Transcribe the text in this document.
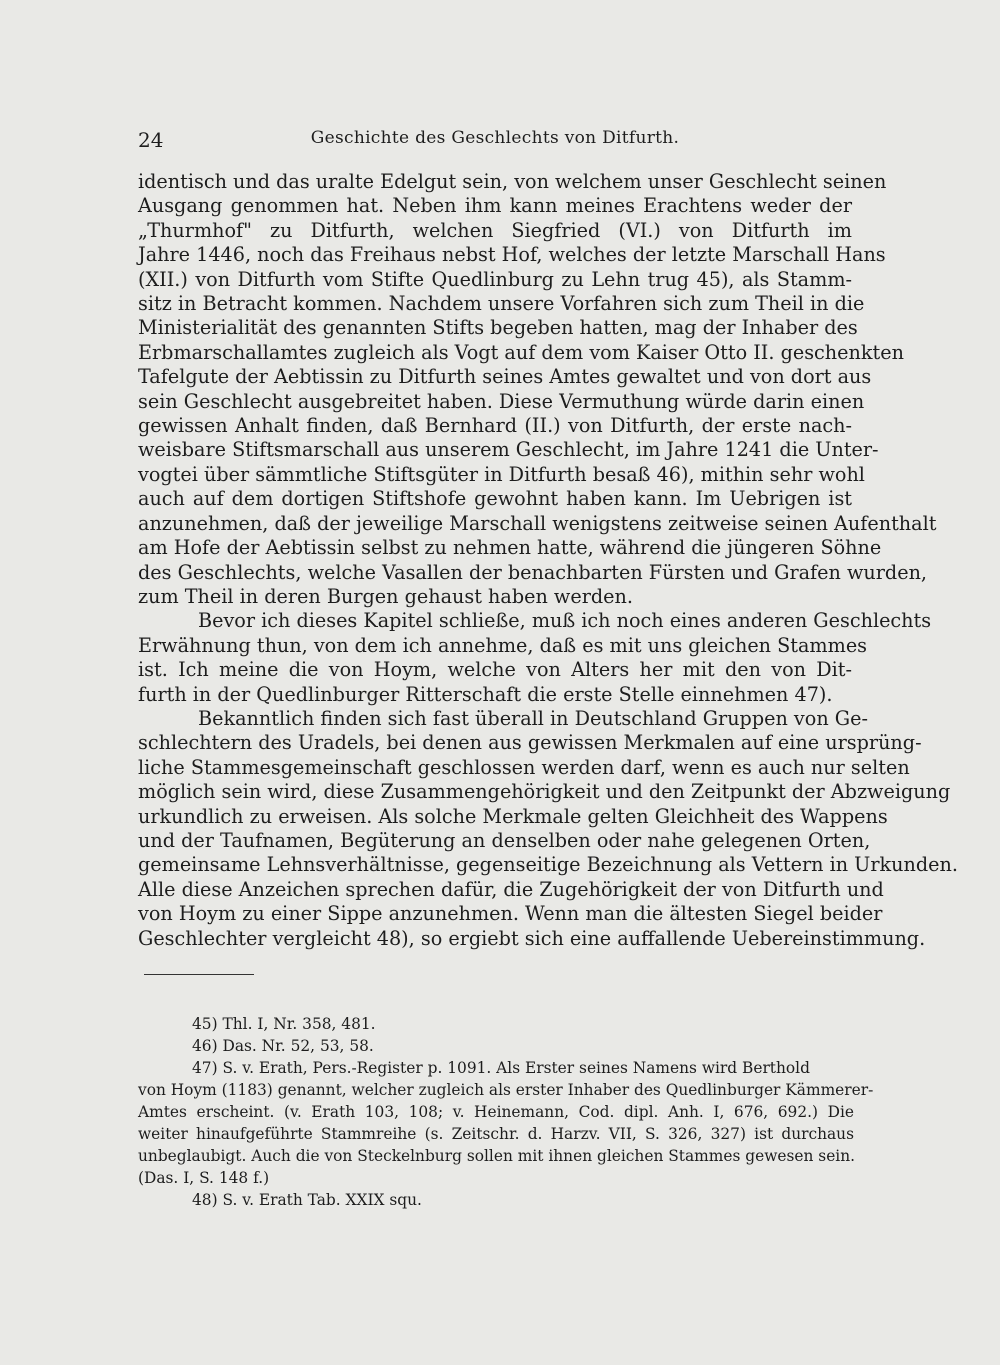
24	Geschichte des Geschlechts von Ditfurth.
identisch und das uralte Edelgut sein, von welchem unser Geschlecht seinen
Ausgang genommen hat. Neben ihm kann meines Erachtens weder der
„Thurmhof" zu Ditfurth, welchen Siegfried (VI.) von Ditfurth im
Jahre 1446, noch das Freihaus nebst Hof, welches der letzte Marschall Hans
(XII.) von Ditfurth vom Stifte Quedlinburg zu Lehn trug 45), als Stamm-
sitz in Betracht kommen. Nachdem unsere Vorfahren sich zum Theil in die
Ministerialität des genannten Stifts begeben hatten, mag der Inhaber des
Erbmarschallamtes zugleich als Vogt auf dem vom Kaiser Otto II. geschenkten
Tafelgute der Aebtissin zu Ditfurth seines Amtes gewaltet und von dort aus
sein Geschlecht ausgebreitet haben. Diese Vermuthung würde darin einen
gewissen Anhalt finden, daß Bernhard (II.) von Ditfurth, der erste nach-
weisbare Stiftsmarschall aus unserem Geschlecht, im Jahre 1241 die Unter-
vogtei über sämmtliche Stiftsgüter in Ditfurth besaß 46), mithin sehr wohl
auch auf dem dortigen Stiftshofe gewohnt haben kann. Im Uebrigen ist
anzunehmen, daß der jeweilige Marschall wenigstens zeitweise seinen Aufenthalt
am Hofe der Aebtissin selbst zu nehmen hatte, während die jüngeren Söhne
des Geschlechts, welche Vasallen der benachbarten Fürsten und Grafen wurden,
zum Theil in deren Burgen gehaust haben werden.
Bevor ich dieses Kapitel schließe, muß ich noch eines anderen Geschlechts
Erwähnung thun, von dem ich annehme, daß es mit uns gleichen Stammes
ist. Ich meine die von Hoym, welche von Alters her mit den von Dit-
furth in der Quedlinburger Ritterschaft die erste Stelle einnehmen 47).
Bekanntlich finden sich fast überall in Deutschland Gruppen von Ge-
schlechtern des Uradels, bei denen aus gewissen Merkmalen auf eine ursprüng-
liche Stammesgemeinschaft geschlossen werden darf, wenn es auch nur selten
möglich sein wird, diese Zusammengehörigkeit und den Zeitpunkt der Abzweigung
urkundlich zu erweisen. Als solche Merkmale gelten Gleichheit des Wappens
und der Taufnamen, Begüterung an denselben oder nahe gelegenen Orten,
gemeinsame Lehnsverhältnisse, gegenseitige Bezeichnung als Vettern in Urkunden.
Alle diese Anzeichen sprechen dafür, die Zugehörigkeit der von Ditfurth und
von Hoym zu einer Sippe anzunehmen. Wenn man die ältesten Siegel beider
Geschlechter vergleicht 48), so ergiebt sich eine auffallende Uebereinstimmung.
45) Thl. I, Nr. 358, 481.
46) Das. Nr. 52, 53, 58.
47) S. v. Erath, Pers.-Register p. 1091. Als Erster seines Namens wird Berthold
von Hoym (1183) genannt, welcher zugleich als erster Inhaber des Quedlinburger Kämmerer-
Amtes erscheint. (v. Erath 103, 108; v. Heinemann, Cod. dipl. Anh. I, 676, 692.) Die
weiter hinaufgeführte Stammreihe (s. Zeitschr. d. Harzv. VII, S. 326, 327) ist durchaus
unbeglaubigt. Auch die von Steckelnburg sollen mit ihnen gleichen Stammes gewesen sein.
(Das. I, S. 148 f.)
48) S. v. Erath Tab. XXIX squ.
